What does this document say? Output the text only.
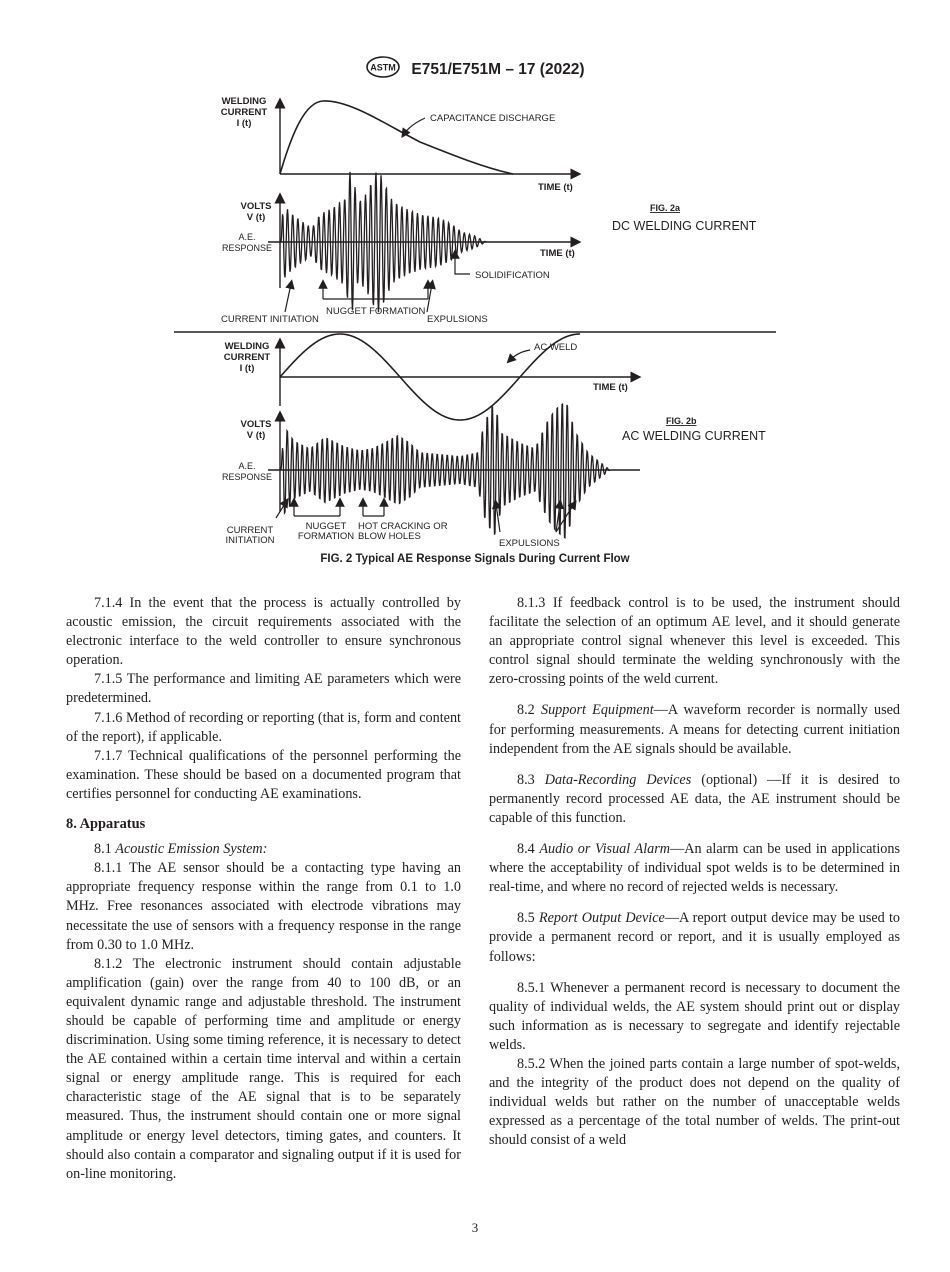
ASTM E751/E751M – 17 (2022)
WELDING
CURRENT
I (t)	CAPACITANCE DISCHARGE
TIME (t)
VOLTS
V (t)
A.E.
RESPONSE	TIME (t)
FIG. 2a
DC WELDING CURRENT
SOLIDIFICATION
NUGGET FORMATION
CURRENT INITIATION	EXPULSIONS
WELDING
CURRENT
I (t)
AC WELD
TIME (t)
VOLTS
V (t)
A.E.
RESPONSE
FIG. 2b
AC WELDING CURRENT
CURRENT
INITIATION
NUGGET
FORMATION
HOT CRACKING OR
BLOW HOLES
EXPULSIONS
FIG. 2 Typical AE Response Signals During Current Flow

7.1.4 In the event that the process is actually controlled by acoustic emission, the circuit requirements associated with the electronic interface to the weld controller to ensure synchronous operation.

7.1.5 The performance and limiting AE parameters which were predetermined.

7.1.6 Method of recording or reporting (that is, form and content of the report), if applicable.

7.1.7 Technical qualifications of the personnel performing the examination. These should be based on a documented program that certifies personnel for conducting AE examinations.

8. Apparatus

8.1 Acoustic Emission System:

8.1.1 The AE sensor should be a contacting type having an appropriate frequency response within the range from 0.1 to 1.0 MHz. Free resonances associated with electrode vibrations may necessitate the use of sensors with a frequency response in the range from 0.30 to 1.0 MHz.

8.1.2 The electronic instrument should contain adjustable amplification (gain) over the range from 40 to 100 dB, or an equivalent dynamic range and adjustable threshold. The instrument should be capable of performing time and amplitude or energy discrimination. Using some timing reference, it is necessary to detect the AE contained within a certain time interval and within a certain signal or energy amplitude range. This is required for each characteristic stage of the AE signal that is to be separately measured. Thus, the instrument should contain one or more signal amplitude or energy level detectors, timing gates, and counters. It should also contain a comparator and signaling output if it is used for on-line monitoring.

8.1.3 If feedback control is to be used, the instrument should facilitate the selection of an optimum AE level, and it should generate an appropriate control signal whenever this level is exceeded. This control signal should terminate the welding synchronously with the zero-crossing points of the weld current.

8.2 Support Equipment—A waveform recorder is normally used for performing measurements. A means for detecting current initiation independent from the AE signals should be available.

8.3 Data-Recording Devices (optional) —If it is desired to permanently record processed AE data, the AE instrument should be capable of this function.

8.4 Audio or Visual Alarm—An alarm can be used in applications where the acceptability of individual spot welds is to be determined in real-time, and where no record of rejected welds is necessary.

8.5 Report Output Device—A report output device may be used to provide a permanent record or report, and it is usually employed as follows:

8.5.1 Whenever a permanent record is necessary to document the quality of individual welds, the AE system should print out or display such information as is necessary to segregate and identify rejectable welds.

8.5.2 When the joined parts contain a large number of spot-welds, and the integrity of the product does not depend on the quality of individual welds but rather on the number of unacceptable welds expressed as a percentage of the total number of welds. The print-out should consist of a weld

3
